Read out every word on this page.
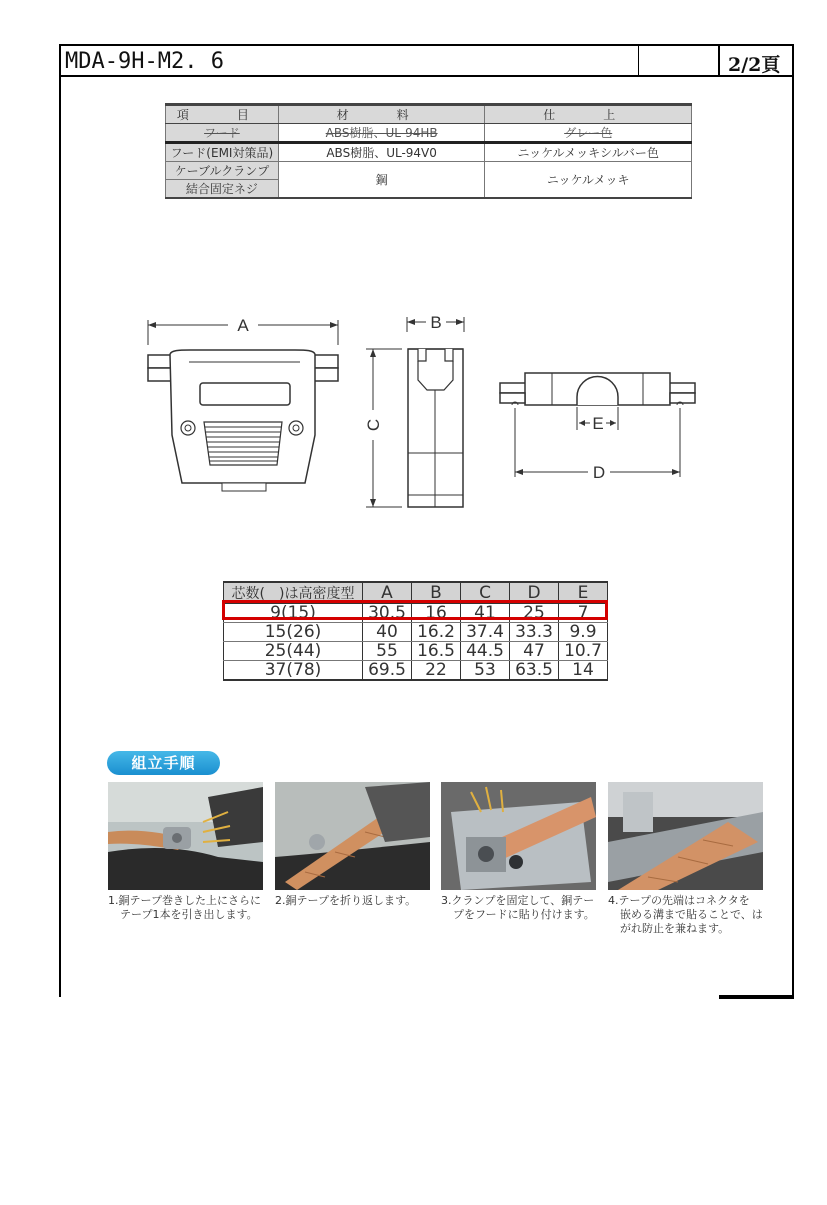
MDA-9H-M2. 6	2/2頁
項　目	材　料	仕　上
フード	ABS樹脂、UL-94HB	グレー色
フード(EMI対策品)	ABS樹脂、UL-94V0	ニッケルメッキシルバー色
ケーブルクランプ	鋼	ニッケルメッキ
結合固定ネジ		
A	B
C
D
E
芯数(　)は高密度型	A	B	C	D	E
9(15)	30.5	16	41	25	7
15(26)	40	16.2	37.4	33.3	9.9
25(44)	55	16.5	44.5	47	10.7
37(78)	69.5	22	53	63.5	14
組立手順
1.銅テープ巻きした上にさらに
テープ1本を引き出します。
2.銅テープを折り返します。 3.クランプを固定して、銅テー
プをフードに貼り付けます。
4.テープの先端はコネクタを
嵌める溝まで貼ることで、は
がれ防止を兼ねます。
